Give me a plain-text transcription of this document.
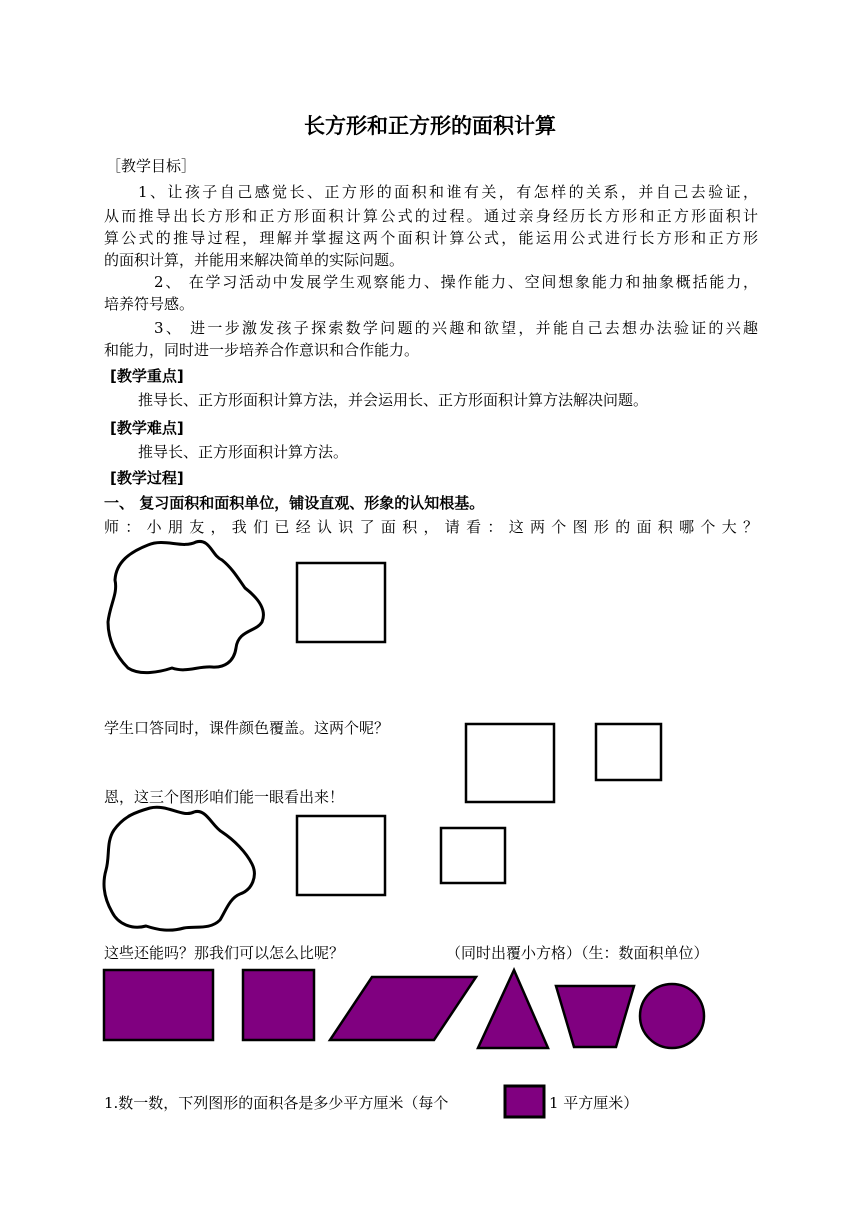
长方形和正方形的面积计算
［教学目标］
1、让孩子自己感觉长、正方形的面积和谁有关，有怎样的关系，并自己去验证，
从而推导出长方形和正方形面积计算公式的过程。通过亲身经历长方形和正方形面积计
算公式的推导过程，理解并掌握这两个面积计算公式，能运用公式进行长方形和正方形
的面积计算，并能用来解决简单的实际问题。
2、 在学习活动中发展学生观察能力、操作能力、空间想象能力和抽象概括能力，
培养符号感。
3、 进一步激发孩子探索数学问题的兴趣和欲望，并能自己去想办法验证的兴趣
和能力，同时进一步培养合作意识和合作能力。
[教学重点]
推导长、正方形面积计算方法，并会运用长、正方形面积计算方法解决问题。
[教学难点]
推导长、正方形面积计算方法。
[教学过程]
一、 复习面积和面积单位，铺设直观、形象的认知根基。
师：小朋友，我们已经认识了面积，请看：这两个图形的面积哪个大？
学生口答同时，课件颜色覆盖。这两个呢？
恩，这三个图形咱们能一眼看出来！
这些还能吗？那我们可以怎么比呢？	（同时出覆小方格）（生：数面积单位）
1.数一数，下列图形的面积各是多少平方厘米（每个	1 平方厘米）
